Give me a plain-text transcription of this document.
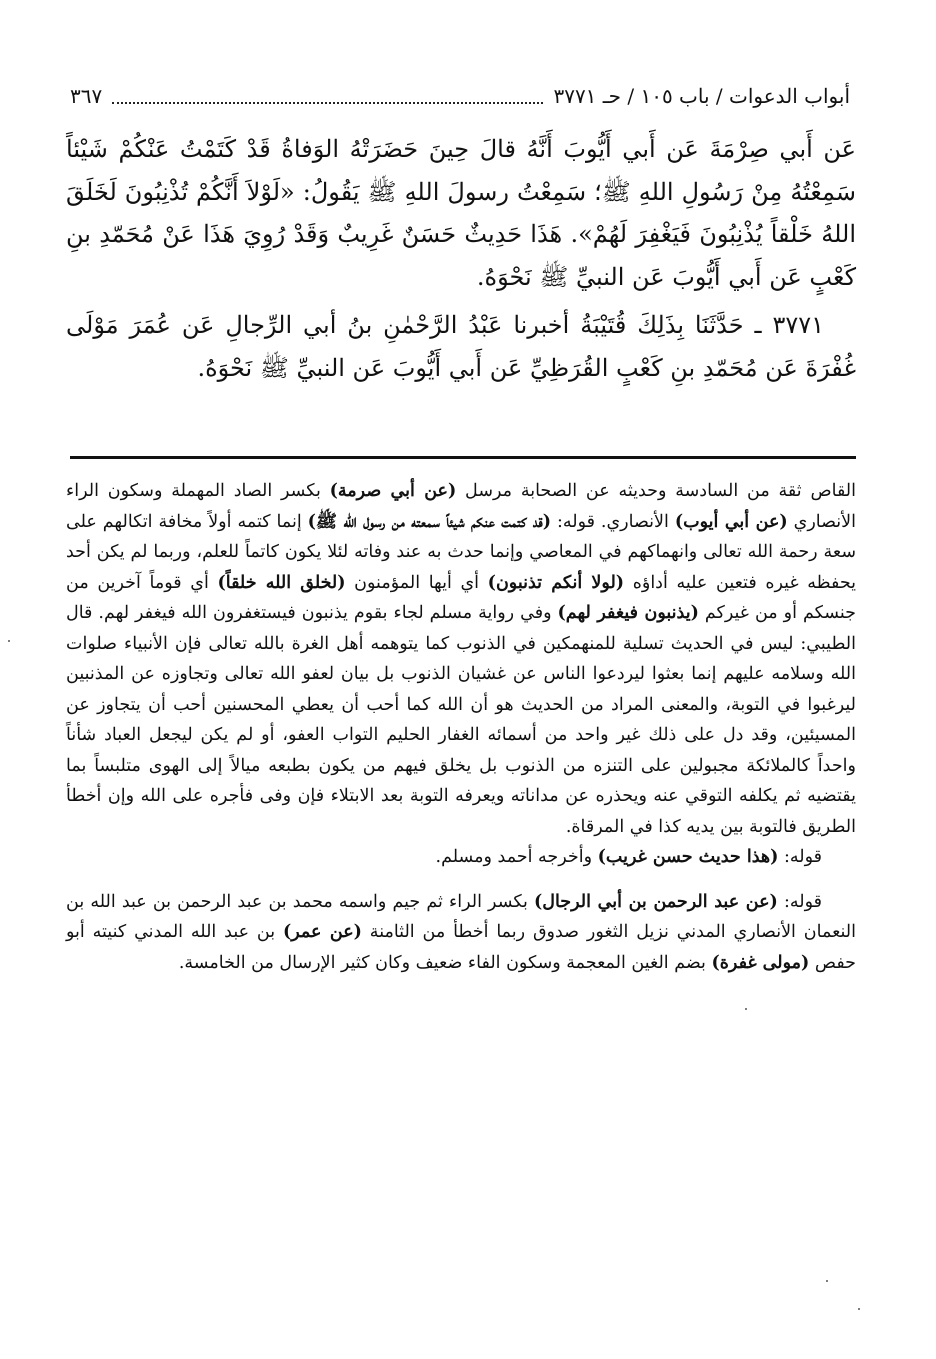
أبواب الدعوات / باب ١٠٥ / حـ ٣٧٧١
٣٦٧

عَن أَبي صِرْمَةَ عَن أَبي أَيُّوبَ أَنَّهُ قالَ حِينَ حَضَرَتْهُ الوَفاةُ قَدْ كَتَمْتُ عَنْكُمْ شَيْئاً سَمِعْتُهُ مِنْ رَسُولِ اللهِ ﷺ؛ سَمِعْتُ رسولَ اللهِ ﷺ يَقُولُ: «لَوْلاَ أَنَّكُمْ تُذْنِبُونَ لَخَلَقَ اللهُ خَلْقاً يُذْنِبُونَ فَيَغْفِرَ لَهُمْ». هَذَا حَدِيثٌ حَسَنٌ غَرِيبٌ وَقَدْ رُوِيَ هَذَا عَنْ مُحَمّدِ بنِ كَعْبٍ عَن أَبي أَيُّوبَ عَن النبيِّ ﷺ نَحْوَهُ.

٣٧٧١ ـ حَدَّثَنَا بِذَلِكَ قُتَيْبَةُ أخبرنا عَبْدُ الرَّحْمٰنِ بنُ أبي الرِّجالِ عَن عُمَرَ مَوْلَى غُفْرَةَ عَن مُحَمّدِ بنِ كَعْبٍ القُرَظِيِّ عَن أَبي أَيُّوبَ عَن النبيِّ ﷺ نَحْوَهُ.

القاص ثقة من السادسة وحديثه عن الصحابة مرسل (عن أبي صرمة) بكسر الصاد المهملة وسكون الراء الأنصاري (عن أبي أيوب) الأنصاري. قوله: (قد كتمت عنكم شيئاً سمعته من رسول الله ﷺ) إنما كتمه أولاً مخافة اتكالهم على سعة رحمة الله تعالى وانهماكهم في المعاصي وإنما حدث به عند وفاته لئلا يكون كاتماً للعلم، وربما لم يكن أحد يحفظه غيره فتعين عليه أداؤه (لولا أنكم تذنبون) أي أيها المؤمنون (لخلق الله خلقاً) أي قوماً آخرين من جنسكم أو من غيركم (يذنبون فيغفر لهم) وفي رواية مسلم لجاء بقوم يذنبون فيستغفرون الله فيغفر لهم. قال الطيبي: ليس في الحديث تسلية للمنهمكين في الذنوب كما يتوهمه أهل الغرة بالله تعالى فإن الأنبياء صلوات الله وسلامه عليهم إنما بعثوا ليردعوا الناس عن غشيان الذنوب بل بيان لعفو الله تعالى وتجاوزه عن المذنبين ليرغبوا في التوبة، والمعنى المراد من الحديث هو أن الله كما أحب أن يعطي المحسنين أحب أن يتجاوز عن المسيئين، وقد دل على ذلك غير واحد من أسمائه الغفار الحليم التواب العفو، أو لم يكن ليجعل العباد شأناً واحداً كالملائكة مجبولين على التنزه من الذنوب بل يخلق فيهم من يكون بطبعه ميالاً إلى الهوى متلبساً بما يقتضيه ثم يكلفه التوقي عنه ويحذره عن مداناته ويعرفه التوبة بعد الابتلاء فإن وفى فأجره على الله وإن أخطأ الطريق فالتوبة بين يديه كذا في المرقاة.

قوله: (هذا حديث حسن غريب) وأخرجه أحمد ومسلم.

قوله: (عن عبد الرحمن بن أبي الرجال) بكسر الراء ثم جيم واسمه محمد بن عبد الرحمن بن عبد الله بن النعمان الأنصاري المدني نزيل الثغور صدوق ربما أخطأ من الثامنة (عن عمر) بن عبد الله المدني كنيته أبو حفص (مولى غفرة) بضم الغين المعجمة وسكون الفاء ضعيف وكان كثير الإرسال من الخامسة.
